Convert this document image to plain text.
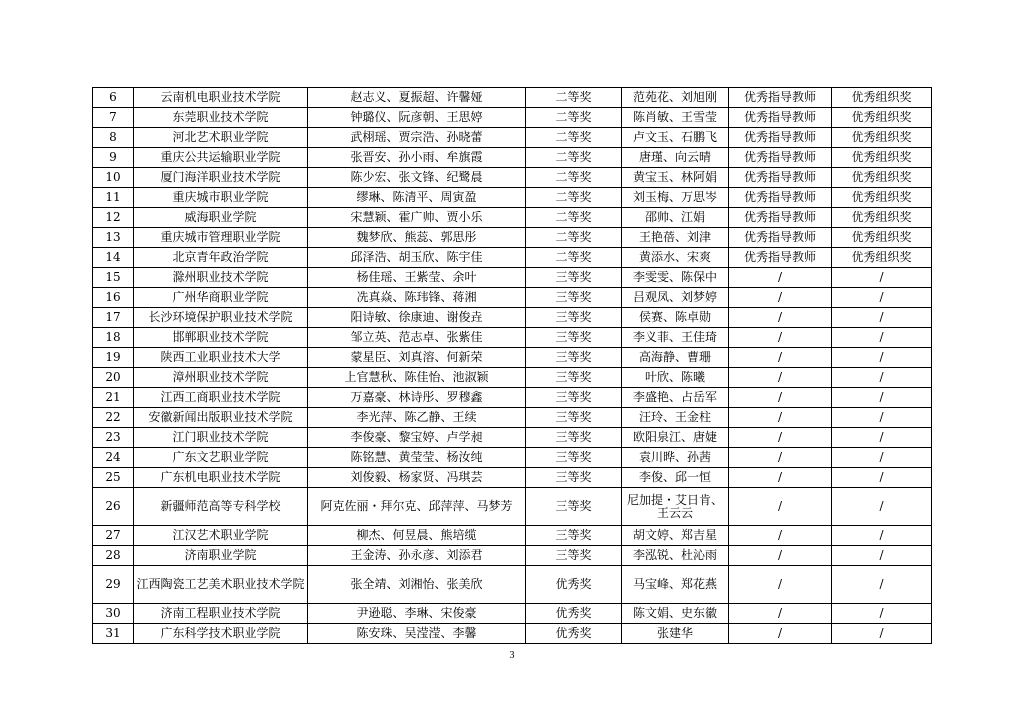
6	云南机电职业技术学院	赵志义、夏振超、许馨娅	二等奖	范苑花、刘旭刚	优秀指导教师	优秀组织奖
7	东莞职业技术学院	钟璐仪、阮彦朝、王思婷	二等奖	陈肖敏、王雪莹	优秀指导教师	优秀组织奖
8	河北艺术职业学院	武栩瑶、贾宗浩、孙晓蕾	二等奖	卢文玉、石鹏飞	优秀指导教师	优秀组织奖
9	重庆公共运输职业学院	张晋安、孙小雨、牟旗霞	二等奖	唐瑾、向云晴	优秀指导教师	优秀组织奖
10	厦门海洋职业技术学院	陈少宏、张文锋、纪鹭晨	二等奖	黄宝玉、林阿娟	优秀指导教师	优秀组织奖
11	重庆城市职业学院	缪琳、陈清平、周寅盈	二等奖	刘玉梅、万思岑	优秀指导教师	优秀组织奖
12	威海职业学院	宋慧颖、霍广帅、贾小乐	二等奖	邵帅、江娟	优秀指导教师	优秀组织奖
13	重庆城市管理职业学院	魏梦欣、熊蕊、郭思彤	二等奖	王艳蓓、刘津	优秀指导教师	优秀组织奖
14	北京青年政治学院	邱泽浩、胡玉欣、陈宇佳	二等奖	黄添水、宋爽	优秀指导教师	优秀组织奖
15	滁州职业技术学院	杨佳瑶、王紫莹、余叶	三等奖	李雯雯、陈保中	/	/
16	广州华商职业学院	冼真焱、陈玮锋、蒋湘	三等奖	吕观凤、刘梦婷	/	/
17	长沙环境保护职业技术学院	阳诗敏、徐康迪、谢俊垚	三等奖	侯赛、陈卓勋	/	/
18	邯郸职业技术学院	邹立英、范志卓、张紫佳	三等奖	李义菲、王佳琦	/	/
19	陕西工业职业技术大学	蒙星臣、刘真溶、何新荣	三等奖	高海静、曹珊	/	/
20	漳州职业技术学院	上官慧秋、陈佳怡、池淑颖	三等奖	叶欣、陈曦	/	/
21	江西工商职业技术学院	万嘉豪、林诗彤、罗穆鑫	三等奖	李盛艳、占岳军	/	/
22	安徽新闻出版职业技术学院	李光萍、陈乙静、王续	三等奖	汪玲、王金柱	/	/
23	江门职业技术学院	李俊豪、黎宝婷、卢学昶	三等奖	欧阳泉江、唐婕	/	/
24	广东文艺职业学院	陈铭慧、黄莹莹、杨汝纯	三等奖	袁川晔、孙茜	/	/
25	广东机电职业技术学院	刘俊毅、杨家贤、冯琪芸	三等奖	李俊、邱一恒	/	/
26	新疆师范高等专科学校	阿克佐丽・拜尔克、邱萍萍、马梦芳	三等奖	尼加提・艾日肯、王云云	/	/
27	江汉艺术职业学院	柳杰、何昱晨、熊培缆	三等奖	胡文婷、郑吉星	/	/
28	济南职业学院	王金涛、孙永彦、刘添君	三等奖	李泓锐、杜沁雨	/	/
29	江西陶瓷工艺美术职业技术学院	张全靖、刘湘怡、张美欣	优秀奖	马宝峰、郑花燕	/	/
30	济南工程职业技术学院	尹逊聪、李琳、宋俊豪	优秀奖	陈文娟、史东徽	/	/
31	广东科学技术职业学院	陈安珠、吴滢滢、李馨	优秀奖	张建华	/	/
3
